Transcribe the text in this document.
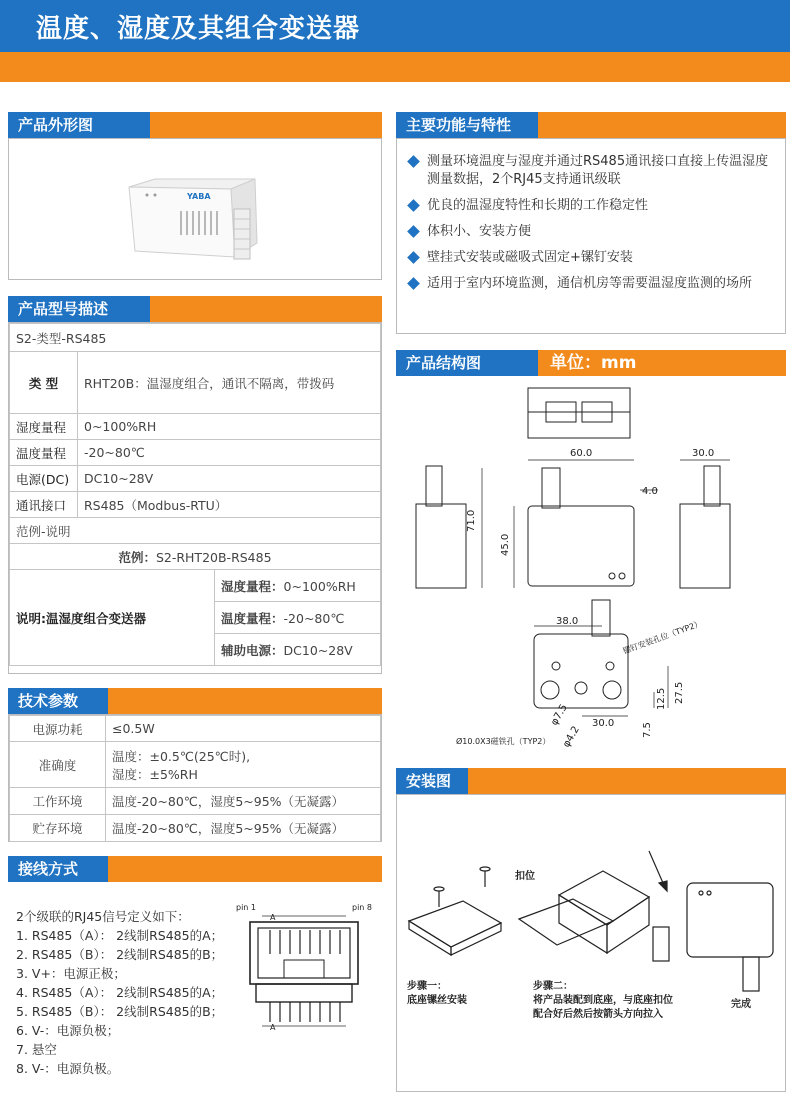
温度、湿度及其组合变送器
产品外形图
YABA
产品型号描述
S2-类型-RS485		
类 型	RHT20B：温湿度组合，通讯不隔离，带拨码	
湿度量程	0~100%RH	
温度量程	-20~80℃	
电源(DC)	DC10~28V	
通讯接口	RS485（Modbus-RTU）	
范例-说明		
范例：S2-RHT20B-RS485		
说明:温湿度组合变送器		湿度量程：0~100%RH
		温度量程：-20~80℃
		辅助电源：DC10~28V
技术参数
电源功耗	≤0.5W
准确度	温度：±0.5℃(25℃时),
湿度：±5%RH

工作环境	温度-20~80℃，湿度5~95%（无凝露）
贮存环境	温度-20~80℃，湿度5~95%（无凝露）
接线方式

2个级联的RJ45信号定义如下：

1. RS485（A）： 2线制RS485的A；

2. RS485（B）： 2线制RS485的B；

3. V+：电源正极；

4. RS485（A）： 2线制RS485的A；

5. RS485（B）： 2线制RS485的B；

6. V-：电源负极；

7. 悬空

8. V-：电源负极。

pin 1	pin 8
A
A
主要功能与特性
测量环境温度与湿度并通过RS485通讯接口直接上传温湿度测量数据，2个RJ45支持通讯级联
优良的温湿度特性和长期的工作稳定性
体积小、安装方便
壁挂式安装或磁吸式固定+镙钉安装
适用于室内环境监测，通信机房等需要温湿度监测的场所
产品结构图	单位：mm
60.0	30.0
4.0
71.0
45.0
38.0
27.5
12.5
7.5
30.0
φ7.5
φ4.2
镙钉安装孔位（TYP2）
Ø10.0X3磁铁孔（TYP2）
安装图
扣位
步骤一：
底座镙丝安装
步骤二：
将产品装配到底座，与底座扣位
配合好后然后按箭头方向拉入
完成
